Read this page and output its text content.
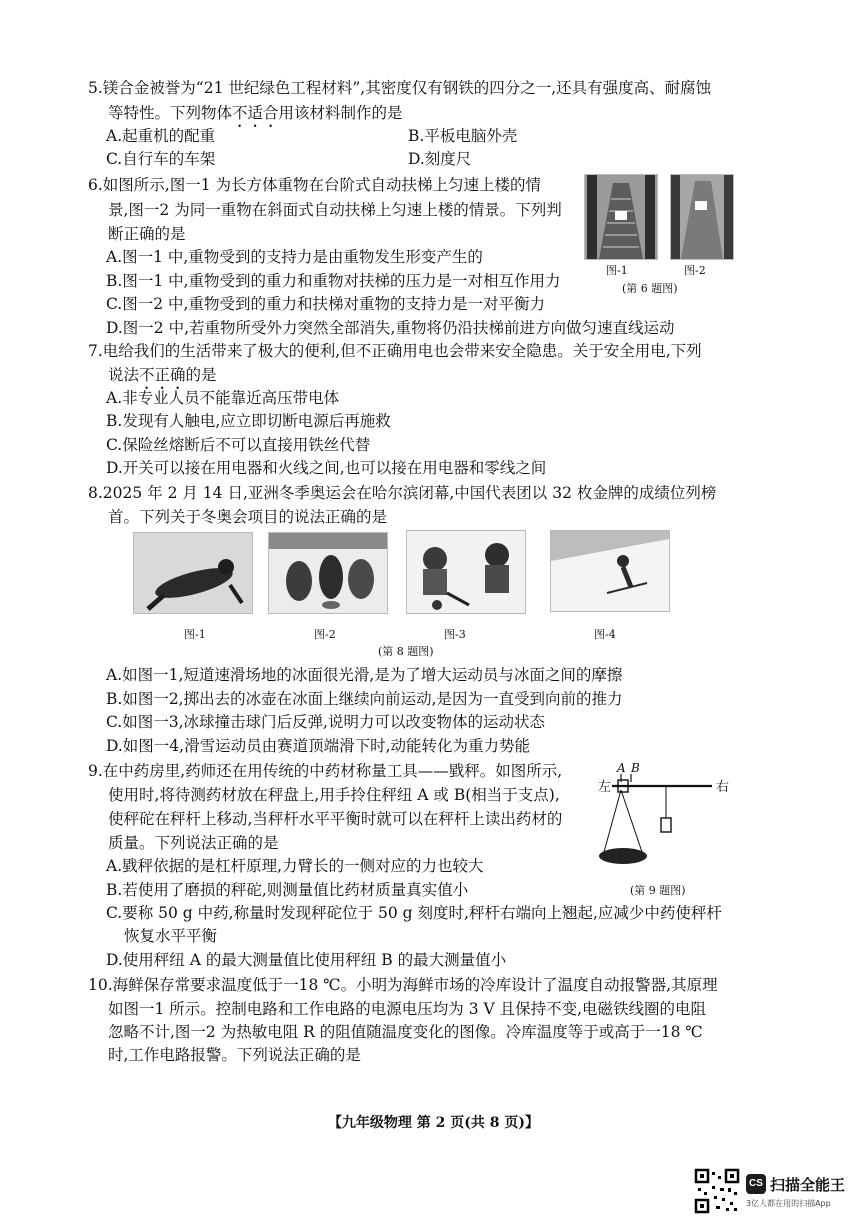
5.镁合金被誉为“21 世纪绿色工程材料”,其密度仅有钢铁的四分之一,还具有强度高、耐腐蚀
等特性。下列物体不适合用该材料制作的是
A.起重机的配重	B.平板电脑外壳
C.自行车的车架	D.刻度尺
6.如图所示,图一1 为长方体重物在台阶式自动扶梯上匀速上楼的情
景,图一2 为同一重物在斜面式自动扶梯上匀速上楼的情景。下列判
断正确的是
A.图一1 中,重物受到的支持力是由重物发生形变产生的
B.图一1 中,重物受到的重力和重物对扶梯的压力是一对相互作用力
C.图一2 中,重物受到的重力和扶梯对重物的支持力是一对平衡力
D.图一2 中,若重物所受外力突然全部消失,重物将仍沿扶梯前进方向做匀速直线运动
图-1	图-2
(第 6 题图)
7.电给我们的生活带来了极大的便利,但不正确用电也会带来安全隐患。关于安全用电,下列
说法不正确的是
A.非专业人员不能靠近高压带电体
B.发现有人触电,应立即切断电源后再施救
C.保险丝熔断后不可以直接用铁丝代替
D.开关可以接在用电器和火线之间,也可以接在用电器和零线之间
8.2025 年 2 月 14 日,亚洲冬季奥运会在哈尔滨闭幕,中国代表团以 32 枚金牌的成绩位列榜
首。下列关于冬奥会项目的说法正确的是
图-1	图-2	图-3	图-4
(第 8 题图)
A.如图一1,短道速滑场地的冰面很光滑,是为了增大运动员与冰面之间的摩擦
B.如图一2,掷出去的冰壶在冰面上继续向前运动,是因为一直受到向前的推力
C.如图一3,冰球撞击球门后反弹,说明力可以改变物体的运动状态
D.如图一4,滑雪运动员由赛道顶端滑下时,动能转化为重力势能
9.在中药房里,药师还在用传统的中药材称量工具——戥秤。如图所示,
使用时,将待测药材放在秤盘上,用手拎住秤纽 A 或 B(相当于支点),
使秤砣在秤杆上移动,当秤杆水平平衡时就可以在秤杆上读出药材的
质量。下列说法正确的是
A.戥秤依据的是杠杆原理,力臂长的一侧对应的力也较大
B.若使用了磨损的秤砣,则测量值比药材质量真实值小
C.要称 50 g 中药,称量时发现秤砣位于 50 g 刻度时,秤杆右端向上翘起,应减少中药使秤杆
恢复水平平衡
D.使用秤纽 A 的最大测量值比使用秤纽 B 的最大测量值小
左	右
A B
(第 9 题图)
10.海鲜保存常要求温度低于一18 ℃。小明为海鲜市场的冷库设计了温度自动报警器,其原理
如图一1 所示。控制电路和工作电路的电源电压均为 3 V 且保持不变,电磁铁线圈的电阻
忽略不计,图一2 为热敏电阻 R 的阻值随温度变化的图像。冷库温度等于或高于一18 ℃
时,工作电路报警。下列说法正确的是
【九年级物理 第 2 页(共 8 页)】
CS 扫描全能王
3亿人都在用的扫描App
